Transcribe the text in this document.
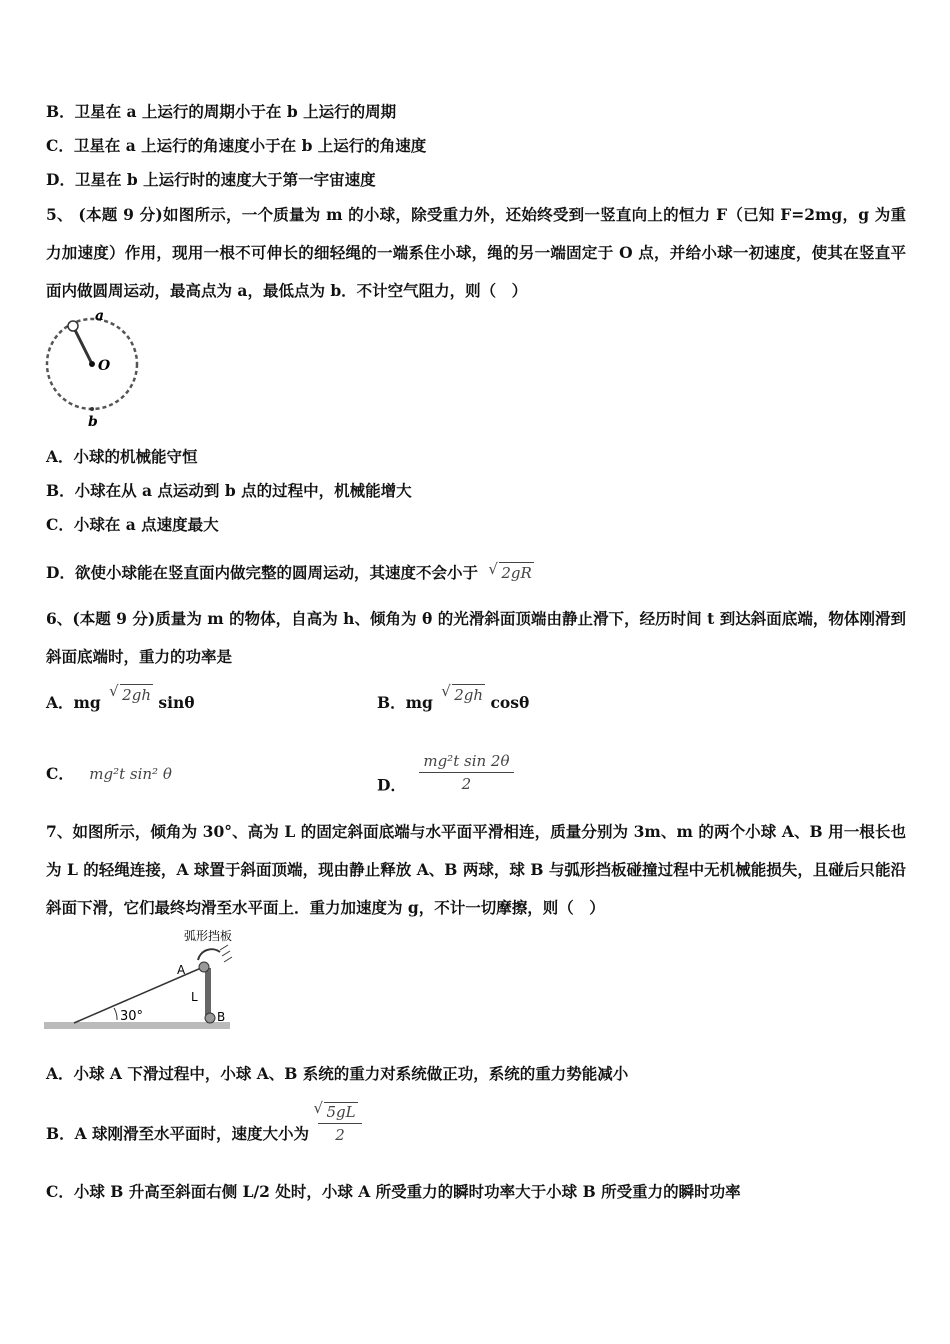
B．卫星在 a 上运行的周期小于在 b 上运行的周期
C．卫星在 a 上运行的角速度小于在 b 上运行的角速度
D．卫星在 b 上运行时的速度大于第一宇宙速度
5、 (本题 9 分)如图所示，一个质量为 m 的小球，除受重力外，还始终受到一竖直向上的恒力 F（已知 F=2mg，g 为重力加速度）作用，现用一根不可伸长的细轻绳的一端系住小球，绳的另一端固定于 O 点，并给小球一初速度，使其在竖直平面内做圆周运动，最高点为 a，最低点为 b．不计空气阻力，则（　）
a
O
b
A．小球的机械能守恒
B．小球在从 a 点运动到 b 点的过程中，机械能增大
C．小球在 a 点速度最大
D．欲使小球能在竖直面内做完整的圆周运动，其速度不会小于 √ 2gR
6、(本题 9 分)质量为 m 的物体，自高为 h、倾角为 θ 的光滑斜面顶端由静止滑下，经历时间 t 到达斜面底端，物体刚滑到斜面底端时，重力的功率是
A．mg √ 2gh sinθ	B．mg √ 2gh cosθ
C． mg²t sin² θ
D． $\frac{\text{mg²t sin 2θ}}{2}$
7、如图所示，倾角为 30°、高为 L 的固定斜面底端与水平面平滑相连，质量分别为 3m、m 的两个小球 A、B 用一根长也为 L 的轻绳连接，A 球置于斜面顶端，现由静止释放 A、B 两球，球 B 与弧形挡板碰撞过程中无机械能损失，且碰后只能沿斜面下滑，它们最终均滑至水平面上．重力加速度为 g，不计一切摩擦，则（　）
弧形挡板
A
L
B
30°
A．小球 A 下滑过程中，小球 A、B 系统的重力对系统做正功，系统的重力势能减小
B．A 球刚滑至水平面时，速度大小为 √ $\frac{5gL}{2}$
C．小球 B 升高至斜面右侧 L/2 处时，小球 A 所受重力的瞬时功率大于小球 B 所受重力的瞬时功率
